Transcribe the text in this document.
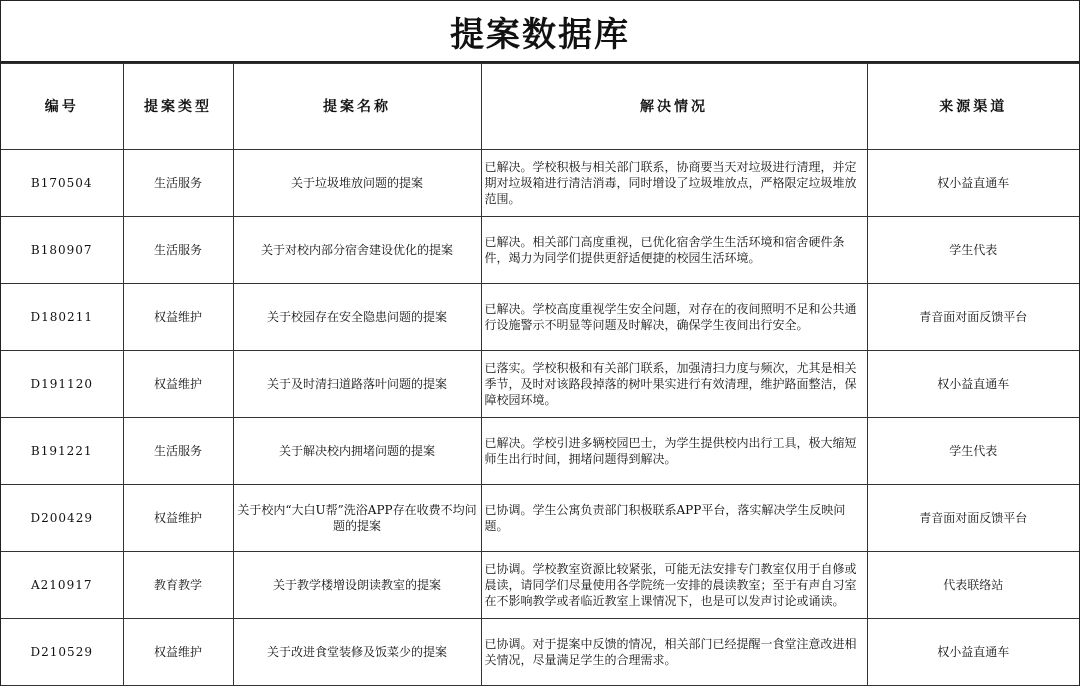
提案数据库
编号	提案类型	提案名称	解决情况	来源渠道
B170504	生活服务	关于垃圾堆放问题的提案	已解决。学校积极与相关部门联系，协商要当天对垃圾进行清理，并定期对垃圾箱进行清洁消毒，同时增设了垃圾堆放点，严格限定垃圾堆放范围。	权小益直通车
B180907	生活服务	关于对校内部分宿舍建设优化的提案	已解决。相关部门高度重视，已优化宿舍学生生活环境和宿舍硬件条件，竭力为同学们提供更舒适便捷的校园生活环境。	学生代表
D180211	权益维护	关于校园存在安全隐患问题的提案	已解决。学校高度重视学生安全问题，对存在的夜间照明不足和公共通行设施警示不明显等问题及时解决，确保学生夜间出行安全。	青音面对面反馈平台
D191120	权益维护	关于及时清扫道路落叶问题的提案	已落实。学校积极和有关部门联系，加强清扫力度与频次，尤其是相关季节，及时对该路段掉落的树叶果实进行有效清理，维护路面整洁，保障校园环境。	权小益直通车
B191221	生活服务	关于解决校内拥堵问题的提案	已解决。学校引进多辆校园巴士，为学生提供校内出行工具，极大缩短师生出行时间，拥堵问题得到解决。	学生代表
D200429	权益维护	关于校内“大白U帮”洗浴APP存在收费不均问题的提案	已协调。学生公寓负责部门积极联系APP平台，落实解决学生反映问题。	青音面对面反馈平台
A210917	教育教学	关于教学楼增设朗读教室的提案	已协调。学校教室资源比较紧张，可能无法安排专门教室仅用于自修或晨读，请同学们尽量使用各学院统一安排的晨读教室；至于有声自习室在不影响教学或者临近教室上课情况下，也是可以发声讨论或诵读。	代表联络站
D210529	权益维护	关于改进食堂装修及饭菜少的提案	已协调。对于提案中反馈的情况，相关部门已经提醒一食堂注意改进相关情况，尽量满足学生的合理需求。	权小益直通车
